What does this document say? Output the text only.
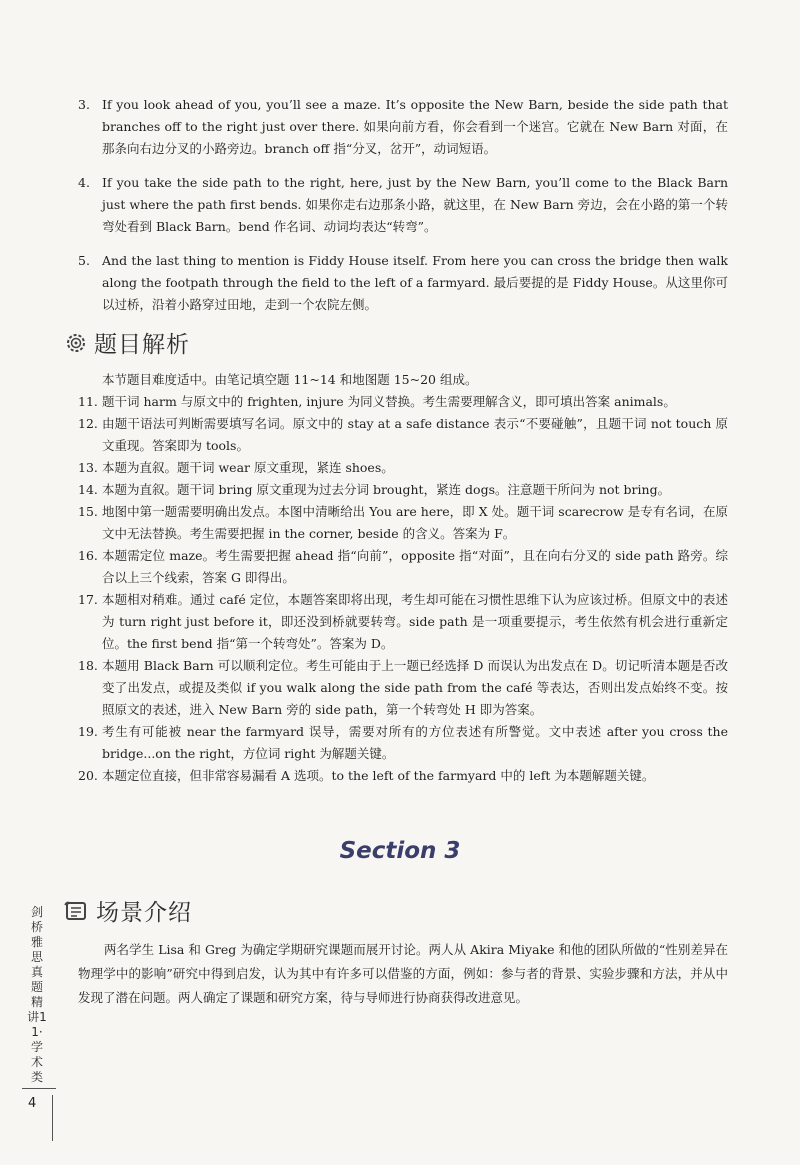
3. If you look ahead of you, you’ll see a maze. It’s opposite the New Barn, beside the side path that branches off to the right just over there. 如果向前方看，你会看到一个迷宫。它就在 New Barn 对面，在那条向右边分叉的小路旁边。branch off 指“分叉，岔开”，动词短语。
4. If you take the side path to the right, here, just by the New Barn, you’ll come to the Black Barn just where the path first bends. 如果你走右边那条小路，就这里，在 New Barn 旁边，会在小路的第一个转弯处看到 Black Barn。bend 作名词、动词均表达“转弯”。
5. And the last thing to mention is Fiddy House itself. From here you can cross the bridge then walk along the footpath through the field to the left of a farmyard. 最后要提的是 Fiddy House。从这里你可以过桥，沿着小路穿过田地，走到一个农院左侧。
题目解析
本节题目难度适中。由笔记填空题 11~14 和地图题 15~20 组成。
11. 题干词 harm 与原文中的 frighten, injure 为同义替换。考生需要理解含义，即可填出答案 animals。
12. 由题干语法可判断需要填写名词。原文中的 stay at a safe distance 表示“不要碰触”，且题干词 not touch 原文重现。答案即为 tools。
13. 本题为直叙。题干词 wear 原文重现，紧连 shoes。
14. 本题为直叙。题干词 bring 原文重现为过去分词 brought，紧连 dogs。注意题干所问为 not bring。
15. 地图中第一题需要明确出发点。本图中清晰给出 You are here，即 X 处。题干词 scarecrow 是专有名词，在原文中无法替换。考生需要把握 in the corner, beside 的含义。答案为 F。
16. 本题需定位 maze。考生需要把握 ahead 指“向前”，opposite 指“对面”，且在向右分叉的 side path 路旁。综合以上三个线索，答案 G 即得出。
17. 本题相对稍难。通过 café 定位，本题答案即将出现，考生却可能在习惯性思维下认为应该过桥。但原文中的表述为 turn right just before it，即还没到桥就要转弯。side path 是一项重要提示，考生依然有机会进行重新定位。the first bend 指“第一个转弯处”。答案为 D。
18. 本题用 Black Barn 可以顺利定位。考生可能由于上一题已经选择 D 而误认为出发点在 D。切记听清本题是否改变了出发点，或提及类似 if you walk along the side path from the café 等表达，否则出发点始终不变。按照原文的表述，进入 New Barn 旁的 side path，第一个转弯处 H 即为答案。
19. 考生有可能被 near the farmyard 误导，需要对所有的方位表述有所警觉。文中表述 after you cross the bridge...on the right，方位词 right 为解题关键。
20. 本题定位直接，但非常容易漏看 A 选项。to the left of the farmyard 中的 left 为本题解题关键。
Section 3
场景介绍
两名学生 Lisa 和 Greg 为确定学期研究课题而展开讨论。两人从 Akira Miyake 和他的团队所做的“性别差异在物理学中的影响”研究中得到启发，认为其中有许多可以借鉴的方面，例如：参与者的背景、实验步骤和方法，并从中发现了潜在问题。两人确定了课题和研究方案，待与导师进行协商获得改进意见。
剑桥雅思真题精讲11·学术类
4
